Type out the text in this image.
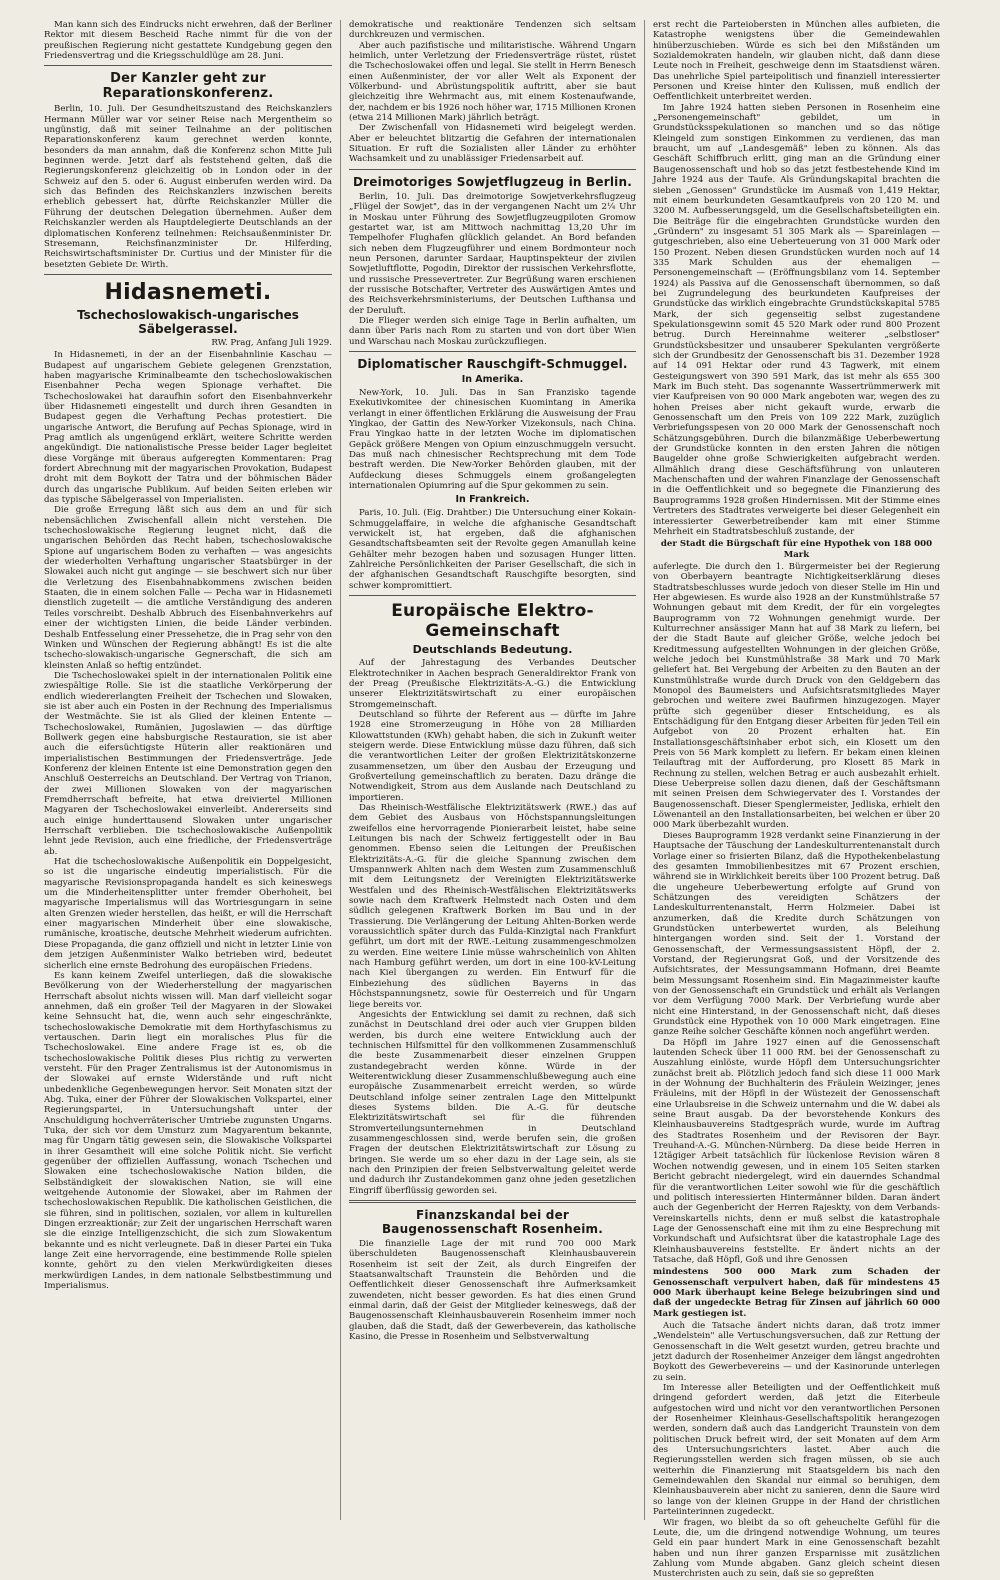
Man kann sich des Eindrucks nicht erwehren, daß der Berliner Rektor mit diesem Bescheid Rache nimmt für die von der preußischen Regierung nicht gestattete Kundgebung gegen den Friedensvertrag und die Kriegsschuldlüge am 28. Juni.

Der Kanzler geht zur Reparationskonferenz.

Berlin, 10. Juli. Der Gesundheitszustand des Reichskanzlers Hermann Müller war vor seiner Reise nach Mergentheim so ungünstig, daß mit seiner Teilnahme an der politischen Reparationskonferenz kaum gerechnet werden konnte, besonders da man annahm, daß die Konferenz schon Mitte Juli beginnen werde. Jetzt darf als feststehend gelten, daß die Regierungskonferenz gleichzeitig ob in London oder in der Schweiz auf den 5. oder 6. August einberufen werden wird. Da sich das Befinden des Reichskanzlers inzwischen bereits erheblich gebessert hat, dürfte Reichskanzler Müller die Führung der deutschen Delegation übernehmen. Außer dem Reichskanzler werden als Hauptdelegierte Deutschlands an der diplomatischen Konferenz teilnehmen: Reichsaußenminister Dr. Stresemann, Reichsfinanzminister Dr. Hilferding, Reichswirtschaftsminister Dr. Curtius und der Minister für die besetzten Gebiete Dr. Wirth.

Hidasnemeti.
Tschechoslowakisch-ungarisches Säbelgerassel.
RW. Prag, Anfang Juli 1929.

In Hidasnemeti, in der an der Eisenbahnlinie Kaschau — Budapest auf ungarischem Gebiete gelegenen Grenzstation, haben magyarische Kriminalbeamte den tschechoslowakischen Eisenbahner Pecha wegen Spionage verhaftet. Die Tschechoslowakei hat daraufhin sofort den Eisenbahnverkehr über Hidasnemeti eingestellt und durch ihren Gesandten in Budapest gegen die Verhaftung Pechas protestiert. Die ungarische Antwort, die Berufung auf Pechas Spionage, wird in Prag amtlich als ungenügend erklärt, weitere Schritte werden angekündigt. Die nationalistische Presse beider Lager begleitet diese Vorgänge mit überaus aufgeregten Kommentaren: Prag fordert Abrechnung mit der magyarischen Provokation, Budapest droht mit dem Boykott der Tatra und der böhmischen Bäder durch das ungarische Publikum. Auf beiden Seiten erleben wir das typische Säbelgerassel von Imperialisten.

Die große Erregung läßt sich aus dem an und für sich nebensächlichen Zwischenfall allein nicht verstehen. Die tschechoslowakische Regierung leugnet nicht, daß die ungarischen Behörden das Recht haben, tschechoslowakische Spione auf ungarischem Boden zu verhaften — was angesichts der wiederholten Verhaftung ungarischer Staatsbürger in der Slowakei auch nicht gut anginge — sie beschwert sich nur über die Verletzung des Eisenbahnabkommens zwischen beiden Staaten, die in einem solchen Falle — Pecha war in Hidasnemeti dienstlich zugeteilt — die amtliche Verständigung des anderen Teiles vorschreibt. Deshalb Abbruch des Eisenbahnverkehrs auf einer der wichtigsten Linien, die beide Länder verbinden. Deshalb Entfesselung einer Pressehetze, die in Prag sehr von den Winken und Wünschen der Regierung abhängt! Es ist die alte tschecho-slowakisch-ungarische Gegnerschaft, die sich am kleinsten Anlaß so heftig entzündet.

Die Tschechoslowakei spielt in der internationalen Politik eine zwiespältige Rolle. Sie ist die staatliche Verkörperung der endlich wiedererlangten Freiheit der Tschechen und Slowaken, sie ist aber auch ein Posten in der Rechnung des Imperialismus der Westmächte. Sie ist als Glied der kleinen Entente — Tschechoslowakei, Rumänien, Jugoslawien — das dürftige Bollwerk gegen eine habsburgische Restauration, sie ist aber auch die eifersüchtigste Hüterin aller reaktionären und imperialistischen Bestimmungen der Friedensverträge. Jede Konferenz der kleinen Entente ist eine Demonstration gegen den Anschluß Oesterreichs an Deutschland. Der Vertrag von Trianon, der zwei Millionen Slowaken von der magyarischen Fremdherrschaft befreite, hat etwa dreiviertel Millionen Magyaren der Tschechoslowakei einverleibt. Andererseits sind auch einige hunderttausend Slowaken unter ungarischer Herrschaft verblieben. Die tschechoslowakische Außenpolitik lehnt jede Revision, auch eine friedliche, der Friedensverträge ab.

Hat die tschechoslowakische Außenpolitik ein Doppelgesicht, so ist die ungarische eindeutig imperialistisch. Für die magyarische Revisionspropaganda handelt es sich keineswegs um die Minderheitensplitter unter fremder Oberhoheit, bei magyarische Imperialismus will das Wortriesgungarn in seine alten Grenzen wieder herstellen, das heißt, er will die Herrschaft einer magyarischen Minderheit über eine slowakische, rumänische, kroatische, deutsche Mehrheit wiederum aufrichten. Diese Propaganda, die ganz offiziell und nicht in letzter Linie von dem jetzigen Außenminister Walko betrieben wird, bedeutet sicherlich eine ernste Bedrohung des europäischen Friedens.

Es kann keinem Zweifel unterliegen, daß die slowakische Bevölkerung von der Wiederherstellung der magyarischen Herrschaft absolut nichts wissen will. Man darf vielleicht sogar annehmen, daß ein großer Teil der Magyaren in der Slowakei keine Sehnsucht hat, die, wenn auch sehr eingeschränkte, tschechoslowakische Demokratie mit dem Horthyfaschismus zu vertauschen. Darin liegt ein moralisches Plus für die Tschechoslowakei. Eine andere Frage ist es, ob die tschechoslowakische Politik dieses Plus richtig zu verwerten versteht. Für den Prager Zentralismus ist der Autonomismus in der Slowakei auf ernste Widerstände und ruft nicht unbedenkliche Gegenbewegungen hervor. Seit Monaten sitzt der Abg. Tuka, einer der Führer der Slowakischen Volkspartei, einer Regierungspartei, in Untersuchungshaft unter der Anschuldigung hochverräterischer Umtriebe zugunsten Ungarns. Tuka, der sich vor dem Umsturz zum Magyarentum bekannte, mag für Ungarn tätig gewesen sein, die Slowakische Volkspartei in ihrer Gesamtheit will eine solche Politik nicht. Sie verficht gegenüber der offiziellen Auffassung, wonach Tschechen und Slowaken eine tschechoslowakische Nation bilden, die Selbständigkeit der slowakischen Nation, sie will eine weitgehende Autonomie der Slowakei, aber im Rahmen der tschechoslowakischen Republik. Die katholischen Geistlichen, die sie führen, sind in politischen, sozialen, vor allem in kulturellen Dingen erzreaktionär; zur Zeit der ungarischen Herrschaft waren sie die einzige Intelligenzschicht, die sich zum Slowakentum bekannte und es nicht verleugnete. Daß in dieser Partei ein Tuka lange Zeit eine hervorragende, eine bestimmende Rolle spielen konnte, gehört zu den vielen Merkwürdigkeiten dieses merkwürdigen Landes, in dem nationale Selbstbestimmung und Imperialismus.

demokratische und reaktionäre Tendenzen sich seltsam durchkreuzen und vermischen.

Aber auch pazifistische und militaristische. Während Ungarn heimlich, unter Verletzung der Friedensverträge rüstet, rüstet die Tschechoslowakei offen und legal. Sie stellt in Herrn Benesch einen Außenminister, der vor aller Welt als Exponent der Völkerbund- und Abrüstungspolitik auftritt, aber sie baut gleichzeitig ihre Wehrmacht aus, mit einem Kostenaufwande, der, nachdem er bis 1926 noch höher war, 1715 Millionen Kronen (etwa 214 Millionen Mark) jährlich beträgt.

Der Zwischenfall von Hidasnemeti wird beigelegt werden. Aber er beleuchtet blitzartig die Gefahren der internationalen Situation. Er ruft die Sozialisten aller Länder zu erhöhter Wachsamkeit und zu unablässiger Friedensarbeit auf.

Dreimotoriges Sowjetflugzeug in Berlin.

Berlin, 10. Juli. Das dreimotorige Sowjetverkehrsflugzeug „Flügel der Sowjet", das in der vergangenen Nacht um 2¼ Uhr in Moskau unter Führung des Sowjetflugzeugpiloten Gromow gestartet war, ist am Mittwoch nachmittag 13,20 Uhr im Tempelhofer Flughafen glücklich gelandet. An Bord befanden sich neben dem Flugzeugführer und einem Bordmonteur noch neun Personen, darunter Sardaar, Hauptinspekteur der zivilen Sowjetluftflotte, Pogodin, Direktor der russischen Verkehrsflotte, und russische Pressevertreter. Zur Begrüßung waren erschienen der russische Botschafter, Vertreter des Auswärtigen Amtes und des Reichsverkehrsministeriums, der Deutschen Lufthansa und der Deruluft.

Die Flieger werden sich einige Tage in Berlin aufhalten, um dann über Paris nach Rom zu starten und von dort über Wien und Warschau nach Moskau zurückzufliegen.

Diplomatischer Rauschgift-Schmuggel.
In Amerika.

New-York, 10. Juli. Das in San Franzisko tagende Exekutivkomitee der chinesischen Kuomintang in Amerika verlangt in einer öffentlichen Erklärung die Ausweisung der Frau Yingkao, der Gattin des New-Yorker Vizekonsuls, nach China. Frau Yingkao hatte in der letzten Woche im diplomatischen Gepäck größere Mengen von Opium einzuschmuggeln versucht. Das muß nach chinesischer Rechtsprechung mit dem Tode bestraft werden. Die New-Yorker Behörden glauben, mit der Aufdeckung dieses Schmuggels einem großangelegten internationalen Opiumring auf die Spur gekommen zu sein.

In Frankreich.

Paris, 10. Juli. (Eig. Drahtber.) Die Untersuchung einer Kokain-Schmuggelaffaire, in welche die afghanische Gesandtschaft verwickelt ist, hat ergeben, daß die afghanischen Gesandtschaftsbeamten seit der Revolte gegen Amanullah keine Gehälter mehr bezogen haben und sozusagen Hunger litten. Zahlreiche Persönlichkeiten der Pariser Gesellschaft, die sich in der afghanischen Gesandtschaft Rauschgifte besorgten, sind schwer kompromittiert.

Europäische Elektro-Gemeinschaft
Deutschlands Bedeutung.

Auf der Jahrestagung des Verbandes Deutscher Elektrotechniker in Aachen besprach Generaldirektor Frank von der Preag (Preußische Elektrizitäts-A.-G.) die Entwicklung unserer Elektrizitätswirtschaft zu einer europäischen Stromgemeinschaft.

Deutschland so führte der Referent aus — dürfte im Jahre 1928 eine Stromerzeugung in Höhe von 28 Milliarden Kilowattstunden (KWh) gehabt haben, die sich in Zukunft weiter steigern werde. Diese Entwicklung müsse dazu führen, daß sich die verantwortlichen Leiter der großen Elektrizitätskonzerne zusammensetzen, um über den Ausbau der Erzeugung und Großverteilung gemeinschaftlich zu beraten. Dazu dränge die Notwendigkeit, Strom aus dem Auslande nach Deutschland zu importieren.

Das Rheinisch-Westfälische Elektrizitätswerk (RWE.) das auf dem Gebiet des Ausbaus von Höchstspannungsleitungen zweifellos eine hervorragende Pionierarbeit leistet, habe seine Leitungen bis nach der Schweiz fertiggestellt oder in Bau genommen. Ebenso seien die Leitungen der Preußischen Elektrizitäts-A.-G. für die gleiche Spannung zwischen dem Umspannwerk Ahlten nach dem Westen zum Zusammenschluß mit dem Leitungsnetz der Vereinigten Elektrizitätswerke Westfalen und des Rheinisch-Westfälischen Elektrizitätswerks sowie nach dem Kraftwerk Helmstedt nach Osten und dem südlich gelegenen Kraftwerk Borken im Bau und in der Trassierung. Die Verlängerung der Leitung Ahlten-Borken werde voraussichtlich später durch das Fulda-Kinzigtal nach Frankfurt geführt, um dort mit der RWE.-Leitung zusammengeschmolzen zu werden. Eine weitere Linie müsse wahrscheinlich von Ahlten nach Hamburg geführt werden, um dort in eine 100-kV-Leitung nach Kiel übergangen zu werden. Ein Entwurf für die Einbeziehung des südlichen Bayerns in das Höchstspannungsnetz, sowie für Oesterreich und für Ungarn liege bereits vor.

Angesichts der Entwicklung sei damit zu rechnen, daß sich zunächst in Deutschland drei oder auch vier Gruppen bilden werden, bis durch eine weitere Entwicklung auch der technischen Hilfsmittel für den vollkommenen Zusammenschluß die beste Zusammenarbeit dieser einzelnen Gruppen zustandegebracht werden könne. Würde in der Weiterentwicklung dieser Zusammenschlußbewegung auch eine europäische Zusammenarbeit erreicht werden, so würde Deutschland infolge seiner zentralen Lage den Mittelpunkt dieses Systems bilden. Die A.-G. für deutsche Elektrizitätswirtschaft sei für die führenden Stromverteilungsunternehmen in Deutschland zusammengeschlossen sind, werde berufen sein, die großen Fragen der deutschen Elektrizitätswirtschaft zur Lösung zu bringen. Sie werde um so eher dazu in der Lage sein, als sie nach den Prinzipien der freien Selbstverwaltung geleitet werde und dadurch ihr Zustandekommen ganz ohne jeden gesetzlichen Eingriff überflüssig geworden sei.

Finanzskandal bei der Baugenossenschaft Rosenheim.

Die finanzielle Lage der mit rund 700 000 Mark überschuldeten Baugenossenschaft Kleinhausbauverein Rosenheim ist seit der Zeit, als durch Eingreifen der Staatsanwaltschaft Traunstein die Behörden und die Oeffentlichkeit dieser Genossenschaft ihre Aufmerksamkeit zuwendeten, nicht besser geworden. Es hat dies einen Grund einmal darin, daß der Geist der Mitglieder keineswegs, daß der Baugenossenschaft Kleinhausbauverein Rosenheim immer noch glauben, daß die Stadt, daß der Gewerbeverein, das katholische Kasino, die Presse in Rosenheim und Selbstverwaltung

erst recht die Parteiobersten in München alles aufbieten, die Katastrophe wenigstens über die Gemeindewahlen hinüberzuschieben. Würde es sich bei den Mißständen um Sozialdemokraten handeln, wir glauben nicht, daß dann diese Leute noch in Freiheit, geschweige denn im Staatsdienst wären. Das unehrliche Spiel parteipolitisch und finanziell interessierter Personen und Kreise hinter den Kulissen, muß endlich der Oeffentlichkeit unterbreitet werden.

Im Jahre 1924 hatten sieben Personen in Rosenheim eine „Personengemeinschaft" gebildet, um in Grundstücksspekulationen so manchen und so das nötige Kleingeld zum sonstigen Einkommen zu verdienen, das man braucht, um auf „Landesgemäß" leben zu können. Als das Geschäft Schiffbruch erlitt, ging man an die Gründung einer Baugenossenschaft und hob so das jetzt festbestehende Kind im Jahre 1924 aus der Taufe. Als Gründungskapital brachten die sieben „Genossen" Grundstücke im Ausmaß von 1,419 Hektar, mit einem beurkundeten Gesamtkaufpreis von 20 120 M. und 3200 M. Aufbesserungsgeld, um die Gesellschaftsbeteiligten ein. Die Beiträge für die eingebrachten Grundstücke wurden den „Gründern" zu insgesamt 51 305 Mark als — Spareinlagen — gutgeschrieben, also eine Ueberteuerung von 31 000 Mark oder 150 Prozent. Neben diesen Grundstücken wurden noch auf 14 335 Mark Schulden aus der ehemaligen — Personengemeinschaft — (Eröffnungsbilanz vom 14. September 1924) als Passiva auf die Genossenschaft übernommen, so daß bei Zugrundelegung des beurkundeten Kaufpreises der Grundstücke das wirklich eingebrachte Grundstückskapital 5785 Mark, der sich gegenseitig selbst zugestandene Spekulationsgewinn somit 45 520 Mark oder rund 800 Prozent betrug. Durch Hereinnahme weiterer „selbstloser" Grundstücksbesitzer und unsauberer Spekulanten vergrößerte sich der Grundbesitz der Genossenschaft bis 31. Dezember 1928 auf 14 091 Hektar oder rund 43 Tagwerk, mit einem Gesteigungswert von 390 591 Mark, das ist mehr als 655 300 Mark im Buch steht. Das sogenannte Wassertrümmerwerk mit vier Kaufpreisen von 90 000 Mark angeboten war, wegen des zu hohen Preises aber nicht gekauft wurde, erwarb die Genossenschaft um den Preis von 109 222 Mark, zuzüglich Verbriefungsspesen von 20 000 Mark der Genossenschaft noch Schätzungsgebühren. Durch die bilanzmäßige Ueberbewertung der Grundstücke konnten in den ersten Jahren die nötigen Baugelder ohne große Schwierigkeiten aufgebracht werden. Allmählich drang diese Geschäftsführung von unlauteren Machenschaften und der wahren Finanzlage der Genossenschaft in die Oeffentlichkeit und so begegnete die Finanzierung des Bauprogramms 1928 großen Hindernissen. Mit der Stimme eines Vertreters des Stadtrates verweigerte bei dieser Gelegenheit ein interessierter Gewerbetreibender kam mit einer Stimme Mehrheit ein Stadtratsbeschluß zustande, der

der Stadt die Bürgschaft für eine Hypothek von 188 000 Mark

auferlegte. Die durch den 1. Bürgermeister bei der Regierung von Oberbayern beantragte Nichtigkeitserklärung dieses Stadtratsbeschlusses wurde jedoch von dieser Stelle im Hin und Her abgewiesen. Es wurde also 1928 an der Kunstmühlstraße 57 Wohnungen gebaut mit dem Kredit, der für ein vorgelegtes Bauprogramm von 72 Wohnungen genehmigt wurde. Der Kulturrechner ansässiger Mann hat auf 38 Mark zu liefern, bei der die Stadt Baute auf gleicher Größe, welche jedoch bei Kreditmessung aufgestellten Wohnungen in der gleichen Größe, welche jedoch bei Kunstmühlstraße 38 Mark und 70 Mark geliefert hat. Bei Vergebung der Arbeiten zu den Bauten an der Kunstmühlstraße wurde durch Druck von den Geldgebern das Monopol des Baumeisters und Aufsichtsratsmitgliedes Mayer gebrochen und weitere zwei Baufirmen hinzugezogen. Mayer prüfte sich gegenüber dieser Entscheidung, es als Entschädigung für den Entgang dieser Arbeiten für jeden Teil ein Aufgebot von 20 Prozent erhalten hat. Ein Installationsgeschäftsinhaber erbot sich, ein Klosett um den Preis von 56 Mark komplett zu liefern. Er bekam einen kleinen Teilauftrag mit der Aufforderung, pro Klosett 85 Mark in Rechnung zu stellen, welchen Betrag er auch ausbezahlt erhielt. Diese Ueberpreise sollen dazu dienen, daß der Geschäftsmann mit seinen Preisen dem Schwiegervater des I. Vorstandes der Baugenossenschaft. Dieser Spenglermeister, Jedliska, erhielt den Löwenanteil an den Installationsarbeiten, bei welchen er über 20 000 Mark überbezahlt wurden.

Dieses Bauprogramm 1928 verdankt seine Finanzierung in der Hauptsache der Täuschung der Landeskulturrentenanstalt durch Vorlage einer so frisierten Bilanz, daß die Hypothekenbelastung des gesamten Immobilienbesitzes mit 67 Prozent erschien, während sie in Wirklichkeit bereits über 100 Prozent betrug. Daß die ungeheure Ueberbewertung erfolgte auf Grund von Schätzungen des vereidigten Schätzers der Landeskulturrentenanstalt, Herrn Holzmeier. Dabei ist anzumerken, daß die Kredite durch Schätzungen von Grundstücken unterbewertet wurden, als Beleihung hintergangen worden sind. Seit der 1. Vorstand der Genossenschaft, der Vermessungsassistent Höpfl, der 2. Vorstand, der Regierungsrat Goß, und der Vorsitzende des Aufsichtsrates, der Messungsammann Hofmann, drei Beamte beim Messungsamt Rosenheim sind. Ein Magazinmeister kaufte von der Genossenschaft ein Grundstück und erhält als Verlangen vor dem Verfügung 7000 Mark. Der Verbriefung wurde aber nicht eine Hinterstand, in der Genossenschaft nicht, daß dieses Grundstück eine Hypothek von 10 000 Mark eingetragen. Eine ganze Reihe solcher Geschäfte können noch angeführt werden.

Da Höpfl im Jahre 1927 einen auf die Genossenschaft lautenden Scheck über 11 000 RM. bei der Genossenschaft zu Auszahlung einlöste, wurde Höpfl dem Untersuchungsrichter zunächst breit ab. Plötzlich jedoch fand sich diese 11 000 Mark in der Wohnung der Buchhalterin des Fräulein Weizinger, jenes Fräuleins, mit der Höpfl in der Wüstezeit der Genossenschaft eine Urlaubsreise in die Schweiz unternahm und die W. dabei als seine Braut ausgab. Da der bevorstehende Konkurs des Kleinhausbauvereins Stadtgespräch wurde, wurde im Auftrag des Stadtrates Rosenheim und der Revisoren der Bayr. Treuhand-A.-G. München-Nürnberg. Da diese beide Herren in 12tägiger Arbeit tatsächlich für lückenlose Revision wären 8 Wochen notwendig gewesen, und in einem 105 Seiten starken Bericht gebracht niedergelegt, wird ein dauerndes Schandmal für die verantwortlichen Leiter sowohl wie für die geschäftlich und politisch interessierten Hintermänner bilden. Daran ändert auch der Gegenbericht der Herren Rajeskty, von dem Verbands-Vereinskartells nichts, denn er muß selbst die katastrophale Lage der Genossenschaft eine mit ihm zu eine Besprechung mit Vorkundschaft und Aufsichtsrat über die katastrophale Lage des Kleinhausbauvereins feststellte. Er ändert nichts an der Tatsache, daß Höpfl, Goß und ihre Genossen

mindestens 500 000 Mark zum Schaden der Genossenschaft verpulvert haben, daß für mindestens 45 000 Mark überhaupt keine Belege beizubringen sind und daß der ungedeckte Betrag für Zinsen auf jährlich 60 000 Mark gestiegen ist.

Auch die Tatsache ändert nichts daran, daß trotz immer „Wendelstein" alle Vertuschungsversuchen, daß zur Rettung der Genossenschaft in die Welt gesetzt wurden, getreu brachte und jetzt dadurch der Rosenheimer Anzeiger dem längst angedrohten Boykott des Gewerbevereins — und der Kasinorunde unterlegen zu sein.

Im Interesse aller Beteiligten und der Oeffentlichkeit muß dringend gefordert werden, daß jetzt die Eiterbeule aufgestochen wird und nicht vor den verantwortlichen Personen der Rosenheimer Kleinhaus-Gesellschaftspolitik herangezogen werden, sondern daß auch das Landgericht Traunstein von dem politischen Druck befreit wird, der seit Monaten auf dem Arm des Untersuchungsrichters lastet. Aber auch die Regierungsstellen werden sich fragen müssen, ob sie auch weiterhin die Finanzierung mit Staatsgeldern bis nach den Gemeindewahlen den Skandal nur einmal so beruhigen, dem Kleinhausbauverein aber nicht zu sanieren, denn die Saure wird so lange von der kleinen Gruppe in der Hand der christlichen Parteiinterinnen zugedeckt.

Wir fragen, wo bleibt da so oft geheuchelte Gefühl für die Leute, die, um die dringend notwendige Wohnung, um teures Geld ein paar hundert Mark in eine Genossenschaft bezahlt haben und nun ihrer ganzen Ersparnisse mit zusätzlichen Zahlung vom Munde abgaben. Ganz gleich scheint diesen Musterchristen auch zu sein, daß sie so gepreßten
